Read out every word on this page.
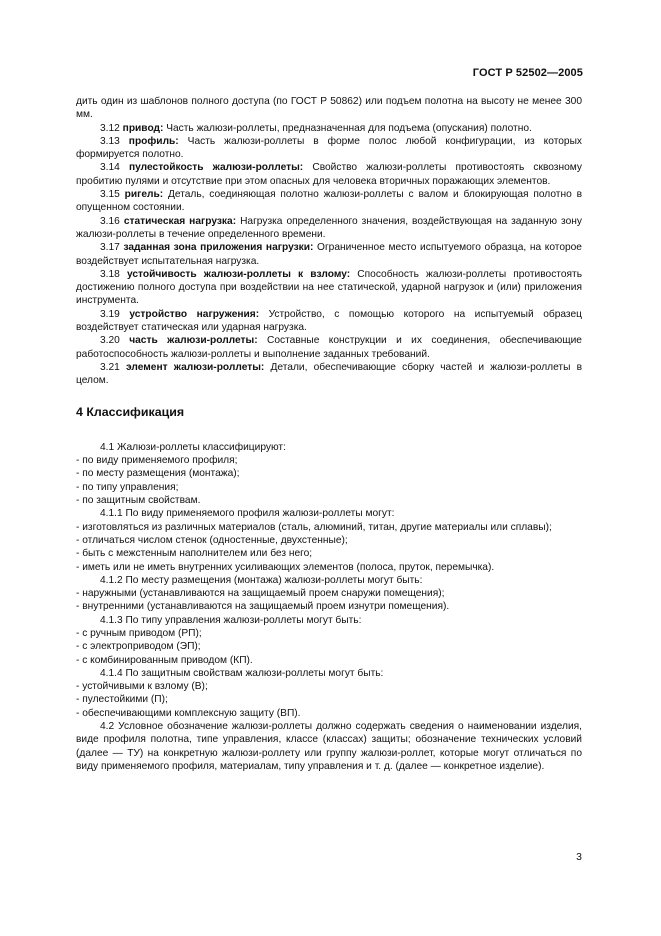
ГОСТ Р 52502—2005

дить один из шаблонов полного доступа (по ГОСТ Р 50862) или подъем полотна на высоту не менее 300 мм.

3.12 привод: Часть жалюзи-роллеты, предназначенная для подъема (опускания) полотно.

3.13 профиль: Часть жалюзи-роллеты в форме полос любой конфигурации, из которых формируется полотно.

3.14 пулестойкость жалюзи-роллеты: Свойство жалюзи-роллеты противостоять сквозному пробитию пулями и отсутствие при этом опасных для человека вторичных поражающих элементов.

3.15 ригель: Деталь, соединяющая полотно жалюзи-роллеты с валом и блокирующая полотно в опущенном состоянии.

3.16 статическая нагрузка: Нагрузка определенного значения, воздействующая на заданную зону жалюзи-роллеты в течение определенного времени.

3.17 заданная зона приложения нагрузки: Ограниченное место испытуемого образца, на которое воздействует испытательная нагрузка.

3.18 устойчивость жалюзи-роллеты к взлому: Способность жалюзи-роллеты противостоять достижению полного доступа при воздействии на нее статической, ударной нагрузок и (или) приложения инструмента.

3.19 устройство нагружения: Устройство, с помощью которого на испытуемый образец воздействует статическая или ударная нагрузка.

3.20 часть жалюзи-роллеты: Составные конструкции и их соединения, обеспечивающие работоспособность жалюзи-роллеты и выполнение заданных требований.

3.21 элемент жалюзи-роллеты: Детали, обеспечивающие сборку частей и жалюзи-роллеты в целом.

4 Классификация

4.1 Жалюзи-роллеты классифицируют:

- по виду применяемого профиля;

- по месту размещения (монтажа);

- по типу управления;

- по защитным свойствам.

4.1.1 По виду применяемого профиля жалюзи-роллеты могут:

- изготовляться из различных материалов (сталь, алюминий, титан, другие материалы или сплавы);

- отличаться числом стенок (одностенные, двухстенные);

- быть с межстенным наполнителем или без него;

- иметь или не иметь внутренних усиливающих элементов (полоса, пруток, перемычка).

4.1.2 По месту размещения (монтажа) жалюзи-роллеты могут быть:

- наружными (устанавливаются на защищаемый проем снаружи помещения);

- внутренними (устанавливаются на защищаемый проем изнутри помещения).

4.1.3 По типу управления жалюзи-роллеты могут быть:

- с ручным приводом (РП);

- с электроприводом (ЭП);

- с комбинированным приводом (КП).

4.1.4 По защитным свойствам жалюзи-роллеты могут быть:

- устойчивыми к взлому (В);

- пулестойкими (П);

- обеспечивающими комплексную защиту (ВП).

4.2 Условное обозначение жалюзи-роллеты должно содержать сведения о наименовании изделия, виде профиля полотна, типе управления, классе (классах) защиты; обозначение технических условий (далее — ТУ) на конкретную жалюзи-роллету или группу жалюзи-роллет, которые могут отличаться по виду применяемого профиля, материалам, типу управления и т. д. (далее — конкретное изделие).

3
